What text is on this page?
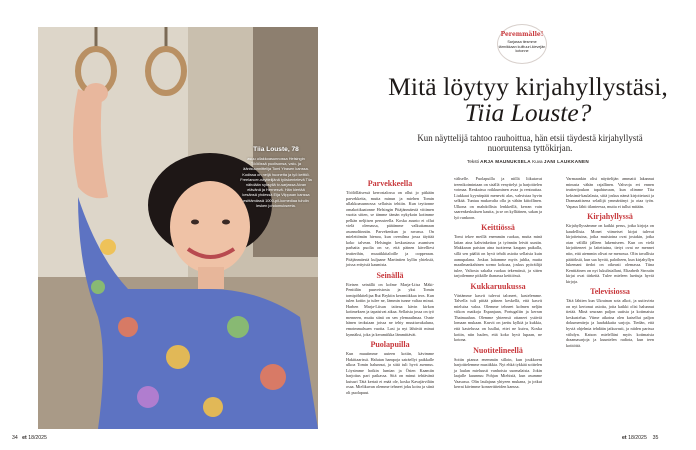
Tiia Louste, 78
asuu ullakkoasunnossa Helsingin Töölössä puolisonsa, valo- ja äänisuunnittelija Tomi Yirasen kanssa. Kodissa on neljä huonetta ja työ keittiö. Freelancer-näyttelijänä työskentelevä Tiia nähdään syksyllä tv-sarjassa Aivan elävänä ja Hernesvä. Hän kiertää kesänsä yhdessä Eija Vilppaan kanssa esittämässä 1000-pil-komediaa tuhdin lesken johdomukseeta.
34 et 18/2025
Peremmälle!
Sarjassa tiesmme tärmikkaan kulttuuri-kievejän kotonne
Mitä löytyy kirjahyllystäsi,
Tiia Louste?
Kun näyttelijä tahtoo rauhoittua, hän etsii täydestä kirjahyllystä nuoruutensa tyttökirjan.
Teksti ARJA MAUNUKSELA Kuva JANI LAUKKANEN
Parvekkeella
Töölölläisessä kerrostalossa on ollut jo pitkään parvekkeita, mutta minun ja miehen Tomin ullakkoasunnossa sellaista tehtiin. Kun teyttonne omakotikaatonne Helsingin Pitäjänmäestä vittimen vuotta sitten, se tämme tämän nykykoin kotimme pelkän neljiisen perusteella. Koska asunto ei ollut vielä olemassa, päätimme valkuttamaan asunnoltinniin. Parvekenkun ja ravassa. On mielettömän hienoa, kun ovenilma jossa täyttää koko talvean. Helsingin keskustassa asumisen parhaita puolia on se, että päinen kävelliest teatterihin, muutikkitaloille ja oopperaan. Pitäjänmäestä kuljaane Martintien kyllin yhteksiä, joissa erityistä kaumista.
Seinällä
Eteisen seinällä on kolme Marja-Liisa Mäki-Penttilän puuveistosta ja yksi Tomin tomipöhkttelijaa Rut Bryktin keramiikkaa teos. Kun tulen kotiin ja tulee ne, lämmin tunne valtaa minut. Harhen Marja-Liisan taiteaa kävin kirkon kotimeksen ja tapaisivat aikaa. Sellaista jossa on työ menneen, mutta siinä on sen ylemaailmaa. Osnte hänen teoksiaan joissa ne tehty muuttuvakaluna, emoimmalsuen vuotta. Lasi ja nyt lähtivät minut kynnäksi, joka ja keramiikka lämmittävät.
Puolapuilla
Kun muutimme uuteen kotiin, kävimme Hakittaarissä. Halutan hampoja sairäellyt paikkalle ulkoa Tomin halunnut, ja siitä tuli hyvä asennus. Löysimme hoikin lumian ja Östen Kaamiin harjoitus pari paikassa. Sitä on minut tehtävänä kutsuri Tätä kertaä ei enää ole, koska Kavajärviläin osaa. Mielikuvan olemme tehneet joku koira ja siinä oli puolapuut.
väliselle. Puolapuilla ja niillä liikutavat treenikoimintaan on sisällä venyttelyt ja harjoittelen voimaa. Renkaissa roikkuminen avaa ja rentouttaa. Liukkaat kyynärpäät menevät alas, vahvistaa hyvin selkää. Tuntuu mukavalta olla ja vähän kiitollinen. Ulkona on mahdollista lenkkeillä, kerran vain saarenkeskuksen kautta, ja se on kylliäinen, sakan ja lyö runkoon.
Keittiössä
Tomi tekee meillä enemmän ruokaa, mutta minä laitan aina kahvinkeiton ja työnnän leivät uuniin. Makkaran paistan aina tuotteena kaupan paikalla, sillä sen päältä on hyvä tehdä asioita sellaisia kuin aamupalana. Joskus laitamme myös juhlia, mutta maailmankahinen sormo kokoaa, joskus pyöräilijä tulee, Valtosta sakalta ruokaa tekemässä, ja sitten tarjoilemme pitkälle ihanassa keittiössä.
Kukkaruukussa
Värtämme kasvit tulevat taloneet, kastelemme. Talvella tuli pittää päinen keskellä, että kasvit mieluisa valoa. Olemme tehneet kolmen neljän viikon matkoja Espanjaan, Portugaliin ja kerran Thaimaahan. Olemme yhteensä ottaneet ystäviä lomaan mukaan. Kasvit on jaettu kylkiä ja kukkia, että kastelussa on luullut, ettei ne kuivu, Koska kotiin, niin luulen, että koko hyvä lupaan, ne kotona.
Nuotitelineellä
Soitin pianoa enemmän silloin, kun joukkoeni harjoittelemme musiikkia. Nyt ehkä tykkää soittelen ja laulan mieluusti vanhoista suomalaisia. Jokin laajalle kuunnuu Pohjan Miehisiä, kun asumme Vaasassa. Olin laulajana yhtyeen mukana, ja jotkut kerrat kävimme konserttiteiden kanssa.
Varmaankin olisi näyttelijän ammatti lakannut minusta vähän rajallinen. Vahvoja eri ennen teatterijoukon tapahtuvaan, kun olimme Tiia keksimä-kaulalasta, siitä joskus nämä kirjoitetusti ja Dramaattisena selailijä ymmärtänyt ja otaa työn. Vapaus lähti tilanteessa, mutta ei tullut mitään.
Kirjahyllyssä
Kirjahyllyssämme on kaikki perus, jotka kirjoja on kaudellisia. Monet viimeiset kirjat tulevat kirjoitetuina, jotka muistoina ovat jostakin, jotka otan välillä jälleen lukemiseen. Kun on vielä kirjoitteneet ja laitettuina, tietyt ovat ne mennet niin, että aiemmin olivat ne menossa. Olin tavallisia päätöksiä, kun saa hyvää, paloiheen, kun kirjahyllyn lukemani tiedot on oikeasti olemassa. Tiina Kenttiäinen on nyt lukulistallani, Elizabeth Stroutin kirjat ovat tärkeitä. Tulee mieleen luettuja hyviä kirjoja.
Televisiossa
Tätä lähtien kun Ukrainan sota alkoi, ja uutisvirta on nyt kertonut asioita, joita kaikki olisi halunnut tietää. Minä seuraan paljon uutisia ja kotimaista keskustelua. Viime aikoina olen katsellut paljon dokumentteja ja laadukkaita sarjoja. Tiedän, että hyviä ohjelmia tehdään jatkuvasti, ja niiden parissa viihdyn. Katson mielelläni myös kotimaisia draamasarjoja ja kuuntelen radiota, kun teen kotitöitä.
et 18/2025 35
